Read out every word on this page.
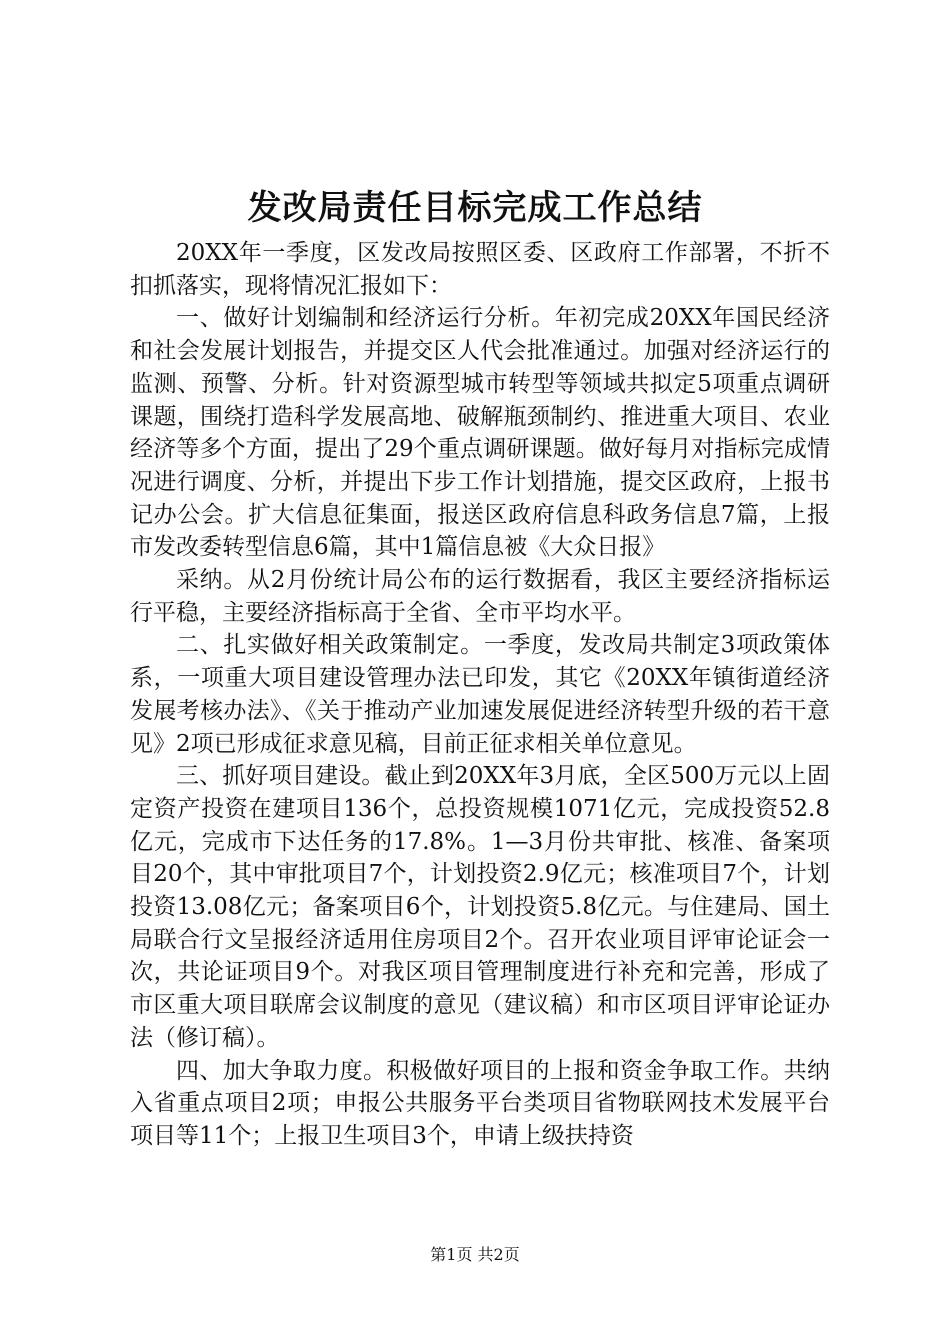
发改局责任目标完成工作总结

20XX年一季度，区发改局按照区委、区政府工作部署，不折不扣抓落实，现将情况汇报如下：

一、做好计划编制和经济运行分析。年初完成20XX年国民经济和社会发展计划报告，并提交区人代会批准通过。加强对经济运行的监测、预警、分析。针对资源型城市转型等领域共拟定5项重点调研课题，围绕打造科学发展高地、破解瓶颈制约、推进重大项目、农业经济等多个方面，提出了29个重点调研课题。做好每月对指标完成情况进行调度、分析，并提出下步工作计划措施，提交区政府，上报书记办公会。扩大信息征集面，报送区政府信息科政务信息7篇，上报市发改委转型信息6篇，其中1篇信息被《大众日报》

采纳。从2月份统计局公布的运行数据看，我区主要经济指标运行平稳，主要经济指标高于全省、全市平均水平。

二、扎实做好相关政策制定。一季度，发改局共制定3项政策体系，一项重大项目建设管理办法已印发，其它《20XX年镇街道经济发展考核办法》、《关于推动产业加速发展促进经济转型升级的若干意见》2项已形成征求意见稿，目前正征求相关单位意见。

三、抓好项目建设。截止到20XX年3月底，全区500万元以上固定资产投资在建项目136个，总投资规模1071亿元，完成投资52.8亿元，完成市下达任务的17.8%。1—3月份共审批、核准、备案项目20个，其中审批项目7个，计划投资2.9亿元；核准项目7个，计划投资13.08亿元；备案项目6个，计划投资5.8亿元。与住建局、国土局联合行文呈报经济适用住房项目2个。召开农业项目评审论证会一次，共论证项目9个。对我区项目管理制度进行补充和完善，形成了市区重大项目联席会议制度的意见（建议稿）和市区项目评审论证办法（修订稿）。

四、加大争取力度。积极做好项目的上报和资金争取工作。共纳入省重点项目2项；申报公共服务平台类项目省物联网技术发展平台项目等11个；上报卫生项目3个，申请上级扶持资

第1页 共2页
